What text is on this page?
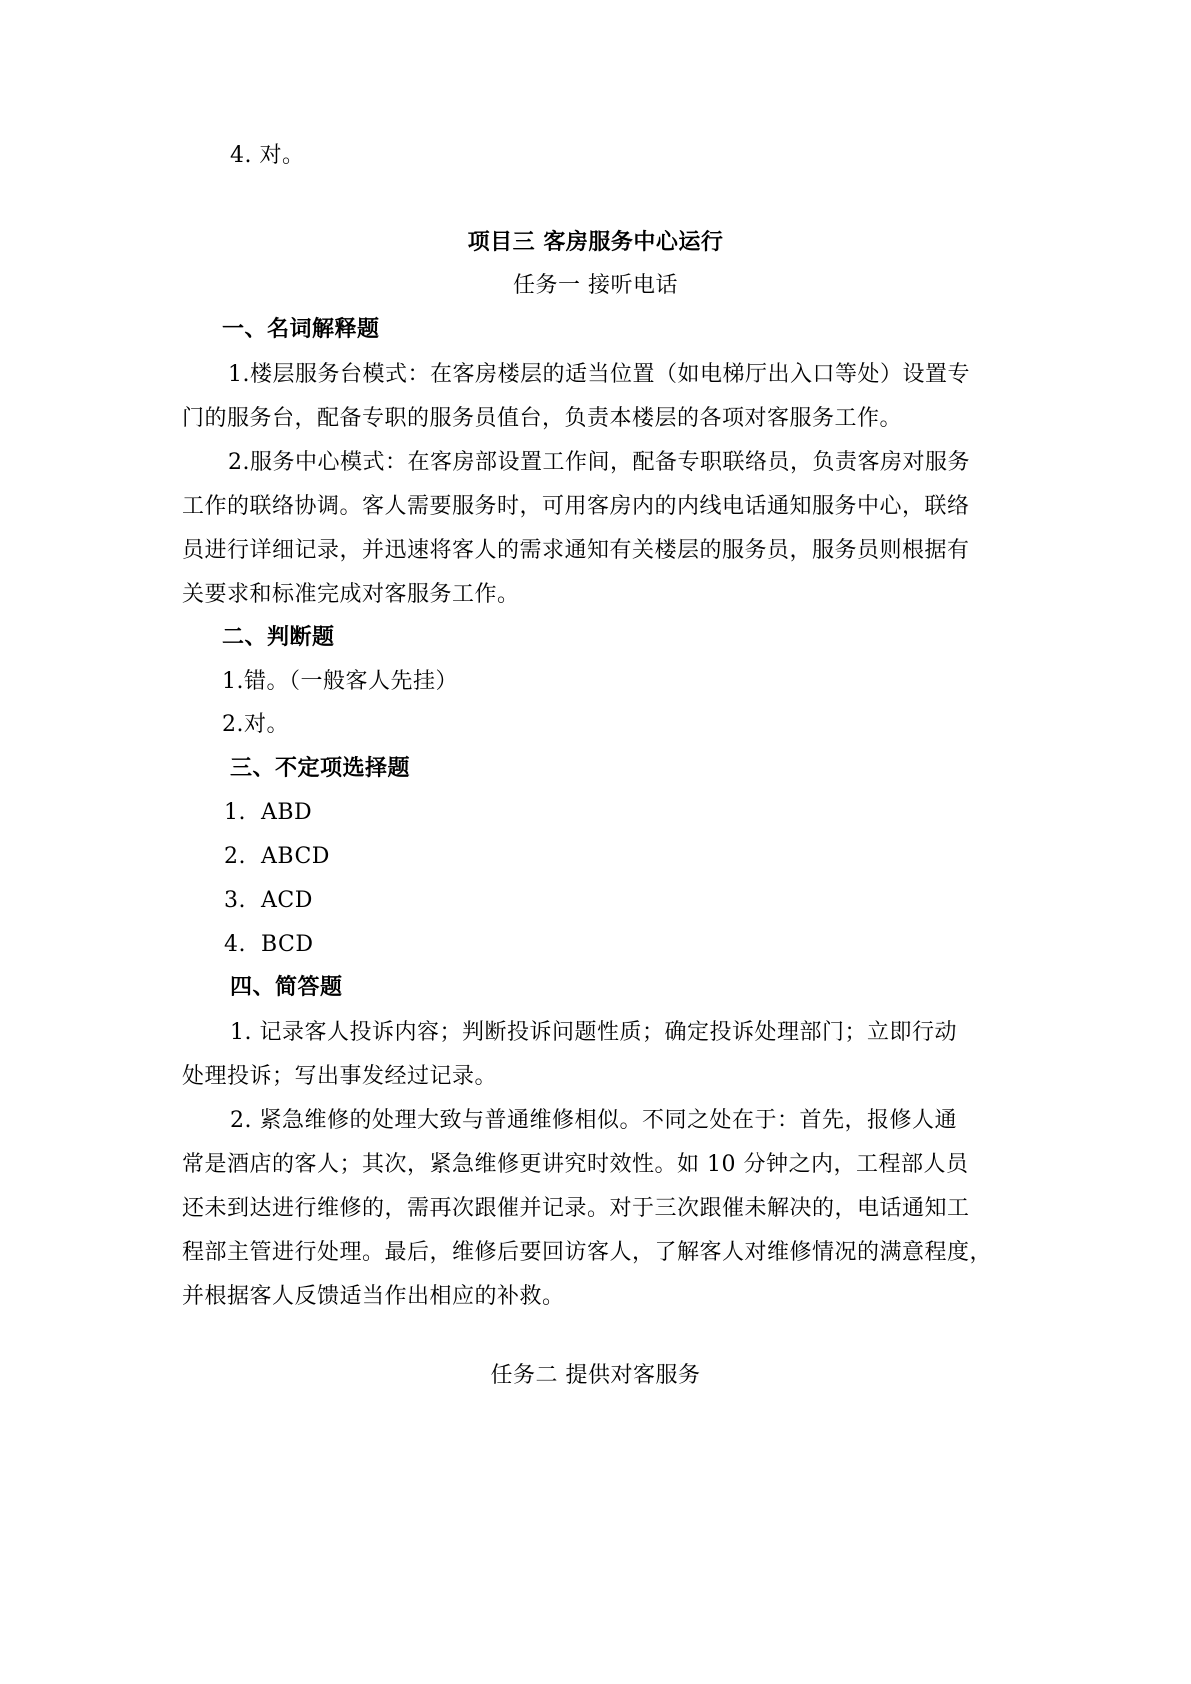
4. 对。
项目三 客房服务中心运行
任务一 接听电话
一、名词解释题
1.楼层服务台模式：在客房楼层的适当位置（如电梯厅出入口等处）设置专
门的服务台，配备专职的服务员值台，负责本楼层的各项对客服务工作。
2.服务中心模式：在客房部设置工作间，配备专职联络员，负责客房对服务
工作的联络协调。客人需要服务时，可用客房内的内线电话通知服务中心，联络
员进行详细记录，并迅速将客人的需求通知有关楼层的服务员，服务员则根据有
关要求和标准完成对客服务工作。
二、判断题
1.错。（一般客人先挂）
2.对。
三、不定项选择题
1.  ABD
2.  ABCD
3.  ACD
4.  BCD
四、简答题
1. 记录客人投诉内容；判断投诉问题性质；确定投诉处理部门；立即行动
处理投诉；写出事发经过记录。
2. 紧急维修的处理大致与普通维修相似。不同之处在于：首先，报修人通
常是酒店的客人；其次，紧急维修更讲究时效性。如 10 分钟之内，工程部人员
还未到达进行维修的，需再次跟催并记录。对于三次跟催未解决的，电话通知工
程部主管进行处理。最后，维修后要回访客人，了解客人对维修情况的满意程度，
并根据客人反馈适当作出相应的补救。
任务二 提供对客服务
